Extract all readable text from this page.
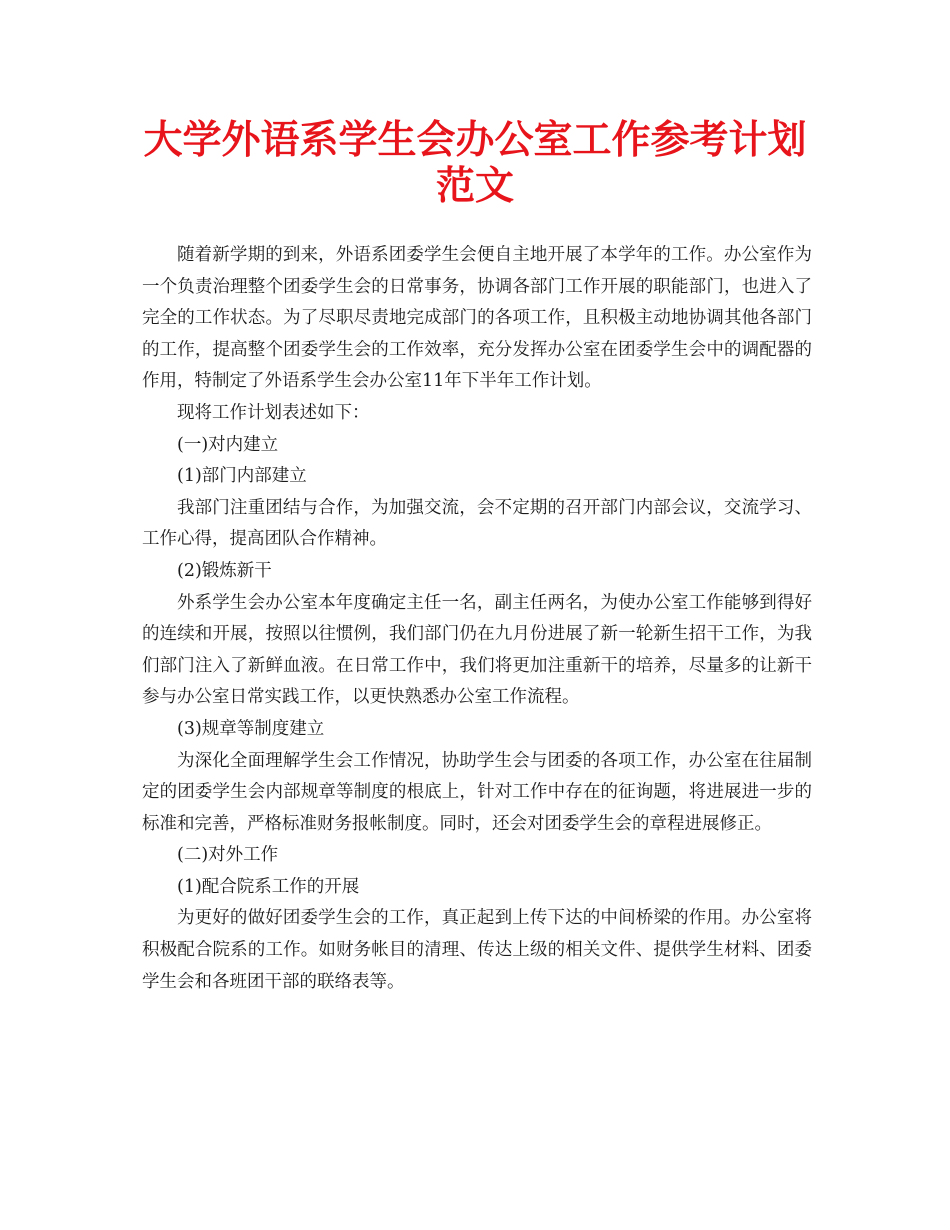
大学外语系学生会办公室工作参考计划范文

随着新学期的到来，外语系团委学生会便自主地开展了本学年的工作。办公室作为一个负责治理整个团委学生会的日常事务，协调各部门工作开展的职能部门，也进入了完全的工作状态。为了尽职尽责地完成部门的各项工作，且积极主动地协调其他各部门的工作，提高整个团委学生会的工作效率，充分发挥办公室在团委学生会中的调配器的作用，特制定了外语系学生会办公室11年下半年工作计划。

现将工作计划表述如下：

(一)对内建立

(1)部门内部建立

我部门注重团结与合作，为加强交流，会不定期的召开部门内部会议，交流学习、工作心得，提高团队合作精神。

(2)锻炼新干

外系学生会办公室本年度确定主任一名，副主任两名，为使办公室工作能够到得好的连续和开展，按照以往惯例，我们部门仍在九月份进展了新一轮新生招干工作，为我们部门注入了新鲜血液。在日常工作中，我们将更加注重新干的培养，尽量多的让新干参与办公室日常实践工作，以更快熟悉办公室工作流程。

(3)规章等制度建立

为深化全面理解学生会工作情况，协助学生会与团委的各项工作，办公室在往届制定的团委学生会内部规章等制度的根底上，针对工作中存在的征询题，将进展进一步的标准和完善，严格标准财务报帐制度。同时，还会对团委学生会的章程进展修正。

(二)对外工作

(1)配合院系工作的开展

为更好的做好团委学生会的工作，真正起到上传下达的中间桥梁的作用。办公室将积极配合院系的工作。如财务帐目的清理、传达上级的相关文件、提供学生材料、团委学生会和各班团干部的联络表等。
